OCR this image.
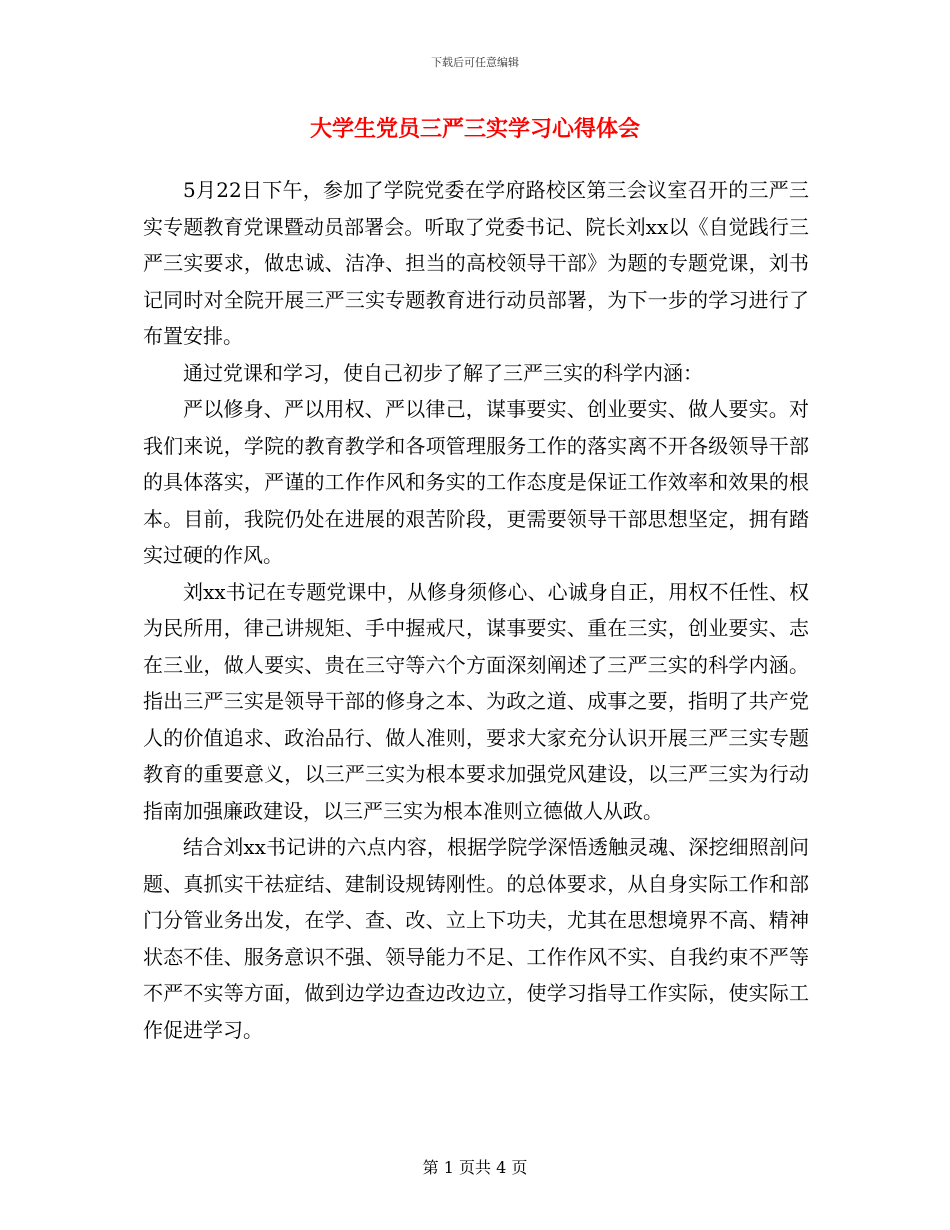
下载后可任意编辑
大学生党员三严三实学习心得体会

5月22日下午，参加了学院党委在学府路校区第三会议室召开的三严三实专题教育党课暨动员部署会。听取了党委书记、院长刘xx以《自觉践行三严三实要求，做忠诚、洁净、担当的高校领导干部》为题的专题党课，刘书记同时对全院开展三严三实专题教育进行动员部署，为下一步的学习进行了布置安排。

通过党课和学习，使自己初步了解了三严三实的科学内涵：

严以修身、严以用权、严以律己，谋事要实、创业要实、做人要实。对我们来说，学院的教育教学和各项管理服务工作的落实离不开各级领导干部的具体落实，严谨的工作作风和务实的工作态度是保证工作效率和效果的根本。目前，我院仍处在进展的艰苦阶段，更需要领导干部思想坚定，拥有踏实过硬的作风。

刘xx书记在专题党课中，从修身须修心、心诚身自正，用权不任性、权为民所用，律己讲规矩、手中握戒尺，谋事要实、重在三实，创业要实、志在三业，做人要实、贵在三守等六个方面深刻阐述了三严三实的科学内涵。指出三严三实是领导干部的修身之本、为政之道、成事之要，指明了共产党人的价值追求、政治品行、做人准则，要求大家充分认识开展三严三实专题教育的重要意义，以三严三实为根本要求加强党风建设，以三严三实为行动指南加强廉政建设，以三严三实为根本准则立德做人从政。

结合刘xx书记讲的六点内容，根据学院学深悟透触灵魂、深挖细照剖问题、真抓实干祛症结、建制设规铸刚性。的总体要求，从自身实际工作和部门分管业务出发，在学、查、改、立上下功夫，尤其在思想境界不高、精神状态不佳、服务意识不强、领导能力不足、工作作风不实、自我约束不严等不严不实等方面，做到边学边查边改边立，使学习指导工作实际，使实际工作促进学习。

第 1 页共 4 页
